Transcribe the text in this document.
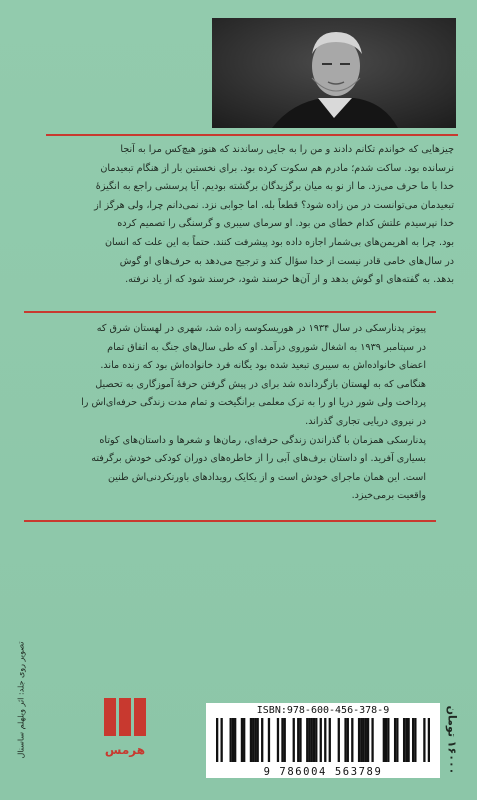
چیزهایی که خواندم تکانم دادند و من را به جایی رساندند که هنوز هیچ‌کس مرا به آنجا

نرسانده بود. ساکت شدم؛ مادرم هم سکوت کرده بود. برای نخستین بار از هنگام تبعیدمان

خدا با ما حرف می‌زد. ما از نو به میان برگزیدگان برگشته بودیم. آیا پرسشی راجع به انگیزهٔ

تبعیدمان می‌توانست در من زاده شود؟ قطعاً بله. اما جوابی نزد. نمی‌دانم چرا، ولی هرگز از

خدا نپرسیدم علتش کدام خطای من بود. او سرمای سیبری و گرسنگی را تصمیم کرده

بود. چرا به اهریمن‌های بی‌شمار اجازه داده بود پیشرفت کنند. حتماً به این علت که انسان

در سال‌های خامی قادر نیست از خدا سؤال کند و ترجیح می‌دهد به حرف‌های او گوش

بدهد. به گفته‌های او گوش بدهد و از آن‌ها خرسند شود، خرسند شود که از یاد نرفته.

پیوتر پدنارسکی در سال ۱۹۳۴ در هوریسکوسه زاده شد، شهری در لهستان شرق که

در سپتامبر ۱۹۳۹ به اشغال شوروی درآمد. او که طی سال‌های جنگ به اتفاق تمام

اعضای خانواده‌اش به سیبری تبعید شده بود یگانه فرد خانواده‌اش بود که زنده ماند.

هنگامی که به لهستان بازگردانده شد برای در پیش گرفتن حرفهٔ آموزگاری به تحصیل

پرداخت ولی شور دریا او را به ترک معلمی برانگیخت و تمام مدت زندگی حرفه‌ای‌اش را

در نیروی دریایی تجاری گذراند.

پدنارسکی همزمان با گذراندن زندگی حرفه‌ای، رمان‌ها و شعرها و داستان‌های کوتاه

بسیاری آفرید. او داستان برف‌های آبی را از خاطره‌های دوران کودکی خودش برگرفته

است. این همان ماجرای خودش است و از یکایک رویدادهای باورنکردنی‌اش طنین

واقعیت برمی‌خیزد.

تصویر روی جلد: اثر ویلهلم ساسنال	هرمس
ISBN:978-600-456-378-9
9 786004 563789
۱۶۰۰۰ تومان
